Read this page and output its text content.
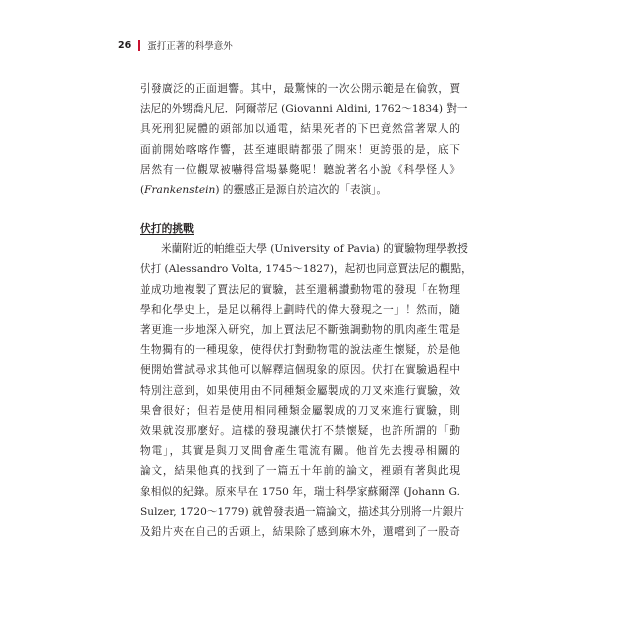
26 蛋打正著的科學意外
引發廣泛的正面迴響。其中，最驚悚的一次公開示範是在倫敦，賈
法尼的外甥喬凡尼．阿爾蒂尼 (Giovanni Aldini, 1762～1834) 對一
具死刑犯屍體的頭部加以通電，結果死者的下巴竟然當著眾人的
面前開始喀喀作響，甚至連眼睛都張了開來！更誇張的是，底下
居然有一位觀眾被嚇得當場暴斃呢！聽說著名小說《科學怪人》
(Frankenstein) 的靈感正是源自於這次的「表演」。
伏打的挑戰
米蘭附近的帕維亞大學 (University of Pavia) 的實驗物理學教授
伏打 (Alessandro Volta, 1745～1827)，起初也同意賈法尼的觀點，
並成功地複製了賈法尼的實驗，甚至還稱讚動物電的發現「在物理
學和化學史上，是足以稱得上劃時代的偉大發現之一」！然而，隨
著更進一步地深入研究，加上賈法尼不斷強調動物的肌肉產生電是
生物獨有的一種現象，使得伏打對動物電的說法產生懷疑，於是他
便開始嘗試尋求其他可以解釋這個現象的原因。伏打在實驗過程中
特別注意到，如果使用由不同種類金屬製成的刀叉來進行實驗，效
果會很好；但若是使用相同種類金屬製成的刀叉來進行實驗，則
效果就沒那麼好。這樣的發現讓伏打不禁懷疑，也許所謂的「動
物電」，其實是與刀叉間會產生電流有關。他首先去搜尋相關的
論文，結果他真的找到了一篇五十年前的論文，裡頭有著與此現
象相似的紀錄。原來早在 1750 年，瑞士科學家蘇爾澤 (Johann G.
Sulzer, 1720～1779) 就曾發表過一篇論文，描述其分別將一片銀片
及鉛片夾在自己的舌頭上，結果除了感到麻木外，還嚐到了一股奇
